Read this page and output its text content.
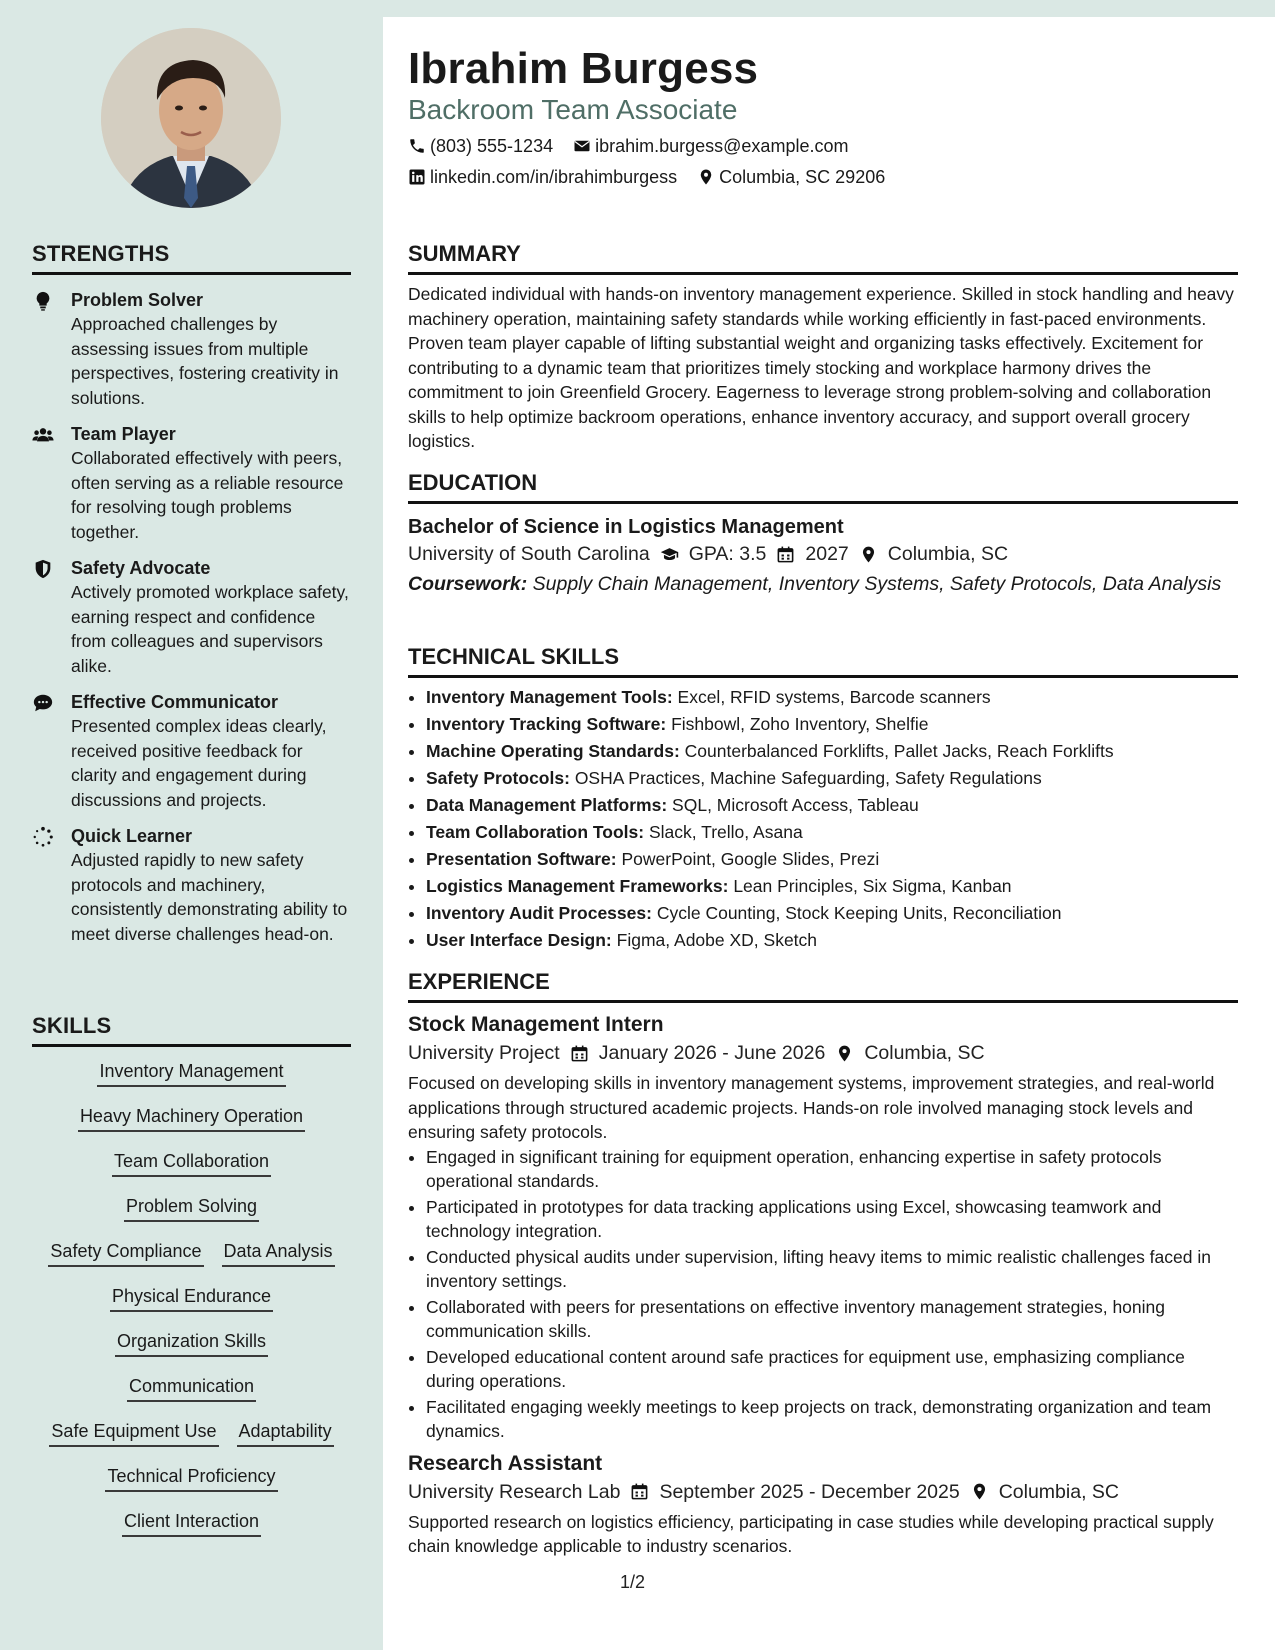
STRENGTHS
Problem Solver
Approached challenges by assessing issues from multiple perspectives, fostering creativity in solutions.
Team Player
Collaborated effectively with peers, often serving as a reliable resource for resolving tough problems together.
Safety Advocate
Actively promoted workplace safety, earning respect and confidence from colleagues and supervisors alike.
Effective Communicator
Presented complex ideas clearly, received positive feedback for clarity and engagement during discussions and projects.
Quick Learner
Adjusted rapidly to new safety protocols and machinery, consistently demonstrating ability to meet diverse challenges head-on.
SKILLS
Inventory Management
Heavy Machinery Operation
Team Collaboration
Problem Solving
Safety Compliance Data Analysis
Physical Endurance
Organization Skills
Communication
Safe Equipment Use Adaptability
Technical Proficiency
Client Interaction
Ibrahim Burgess
Backroom Team Associate
(803) 555-1234 ibrahim.burgess@example.com
linkedin.com/in/ibrahimburgess Columbia, SC 29206
SUMMARY
Dedicated individual with hands-on inventory management experience. Skilled in stock handling and heavy machinery operation, maintaining safety standards while working efficiently in fast-paced environments. Proven team player capable of lifting substantial weight and organizing tasks effectively. Excitement for contributing to a dynamic team that prioritizes timely stocking and workplace harmony drives the commitment to join Greenfield Grocery. Eagerness to leverage strong problem-solving and collaboration skills to help optimize backroom operations, enhance inventory accuracy, and support overall grocery logistics.
EDUCATION
Bachelor of Science in Logistics Management
University of South Carolina GPA: 3.5 2027 Columbia, SC
Coursework: Supply Chain Management, Inventory Systems, Safety Protocols, Data Analysis
TECHNICAL SKILLS
• Inventory Management Tools: Excel, RFID systems, Barcode scanners
• Inventory Tracking Software: Fishbowl, Zoho Inventory, Shelfie
• Machine Operating Standards: Counterbalanced Forklifts, Pallet Jacks, Reach Forklifts
• Safety Protocols: OSHA Practices, Machine Safeguarding, Safety Regulations
• Data Management Platforms: SQL, Microsoft Access, Tableau
• Team Collaboration Tools: Slack, Trello, Asana
• Presentation Software: PowerPoint, Google Slides, Prezi
• Logistics Management Frameworks: Lean Principles, Six Sigma, Kanban
• Inventory Audit Processes: Cycle Counting, Stock Keeping Units, Reconciliation
• User Interface Design: Figma, Adobe XD, Sketch
EXPERIENCE
Stock Management Intern
University Project January 2026 - June 2026 Columbia, SC
Focused on developing skills in inventory management systems, improvement strategies, and real-world applications through structured academic projects. Hands-on role involved managing stock levels and ensuring safety protocols.
• Engaged in significant training for equipment operation, enhancing expertise in safety protocols operational standards.
• Participated in prototypes for data tracking applications using Excel, showcasing teamwork and technology integration.
• Conducted physical audits under supervision, lifting heavy items to mimic realistic challenges faced in inventory settings.
• Collaborated with peers for presentations on effective inventory management strategies, honing communication skills.
• Developed educational content around safe practices for equipment use, emphasizing compliance during operations.
• Facilitated engaging weekly meetings to keep projects on track, demonstrating organization and team dynamics.
Research Assistant
University Research Lab September 2025 - December 2025 Columbia, SC
Supported research on logistics efficiency, participating in case studies while developing practical supply chain knowledge applicable to industry scenarios.
1/2
